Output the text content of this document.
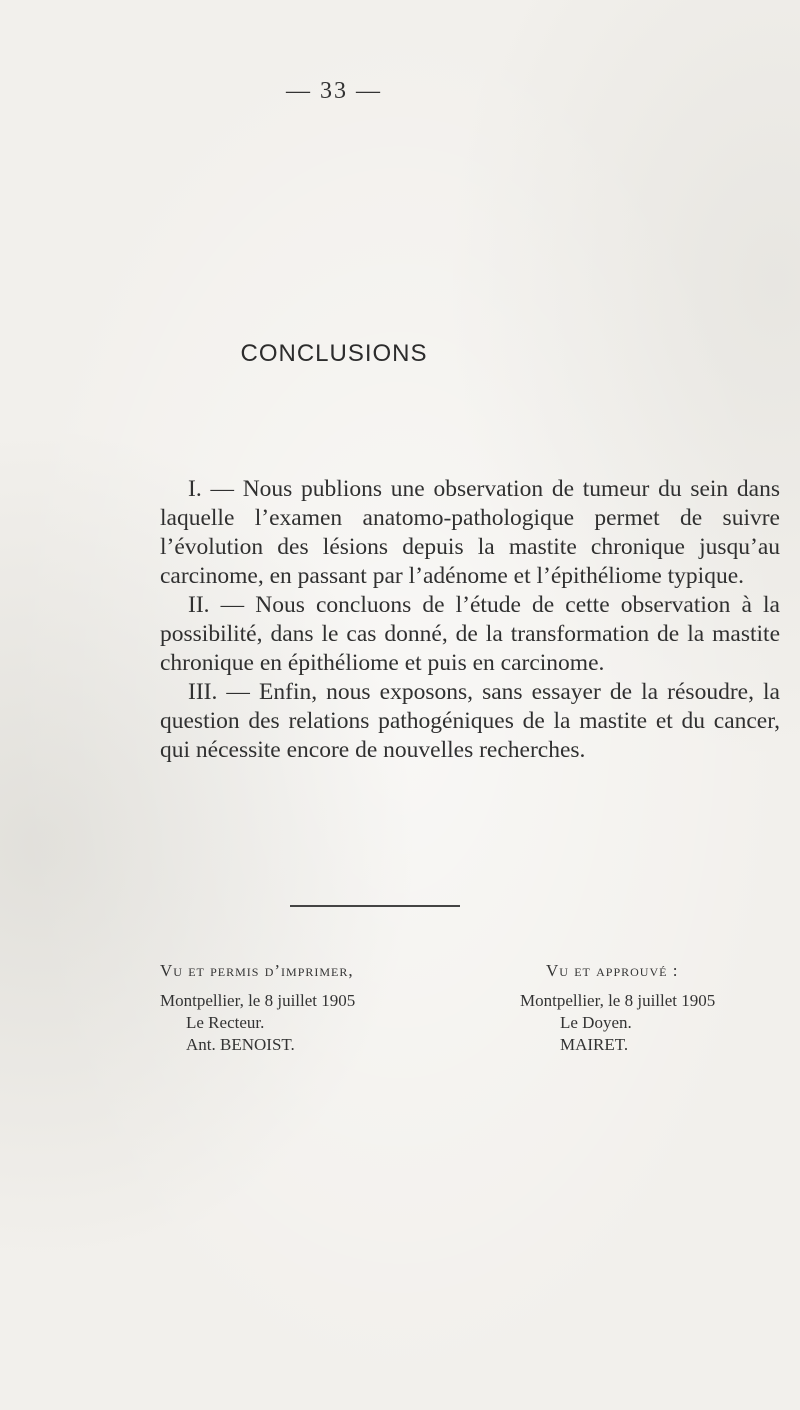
— 33 —
CONCLUSIONS

I. — Nous publions une observation de tumeur du sein dans laquelle l’examen anatomo-pathologique permet de suivre l’évolution des lésions depuis la mastite chronique jusqu’au carcinome, en passant par l’adénome et l’épithéliome typique.

II. — Nous concluons de l’étude de cette observation à la possibilité, dans le cas donné, de la transformation de la mastite chronique en épithéliome et puis en carcinome.

III. — Enfin, nous exposons, sans essayer de la résoudre, la question des relations pathogéniques de la mastite et du cancer, qui nécessite encore de nouvelles recherches.

Vu et permis d’imprimer,
Montpellier, le 8 juillet 1905
Le Recteur.
Ant. BENOIST.
Vu et approuvé :
Montpellier, le 8 juillet 1905
Le Doyen.
MAIRET.
